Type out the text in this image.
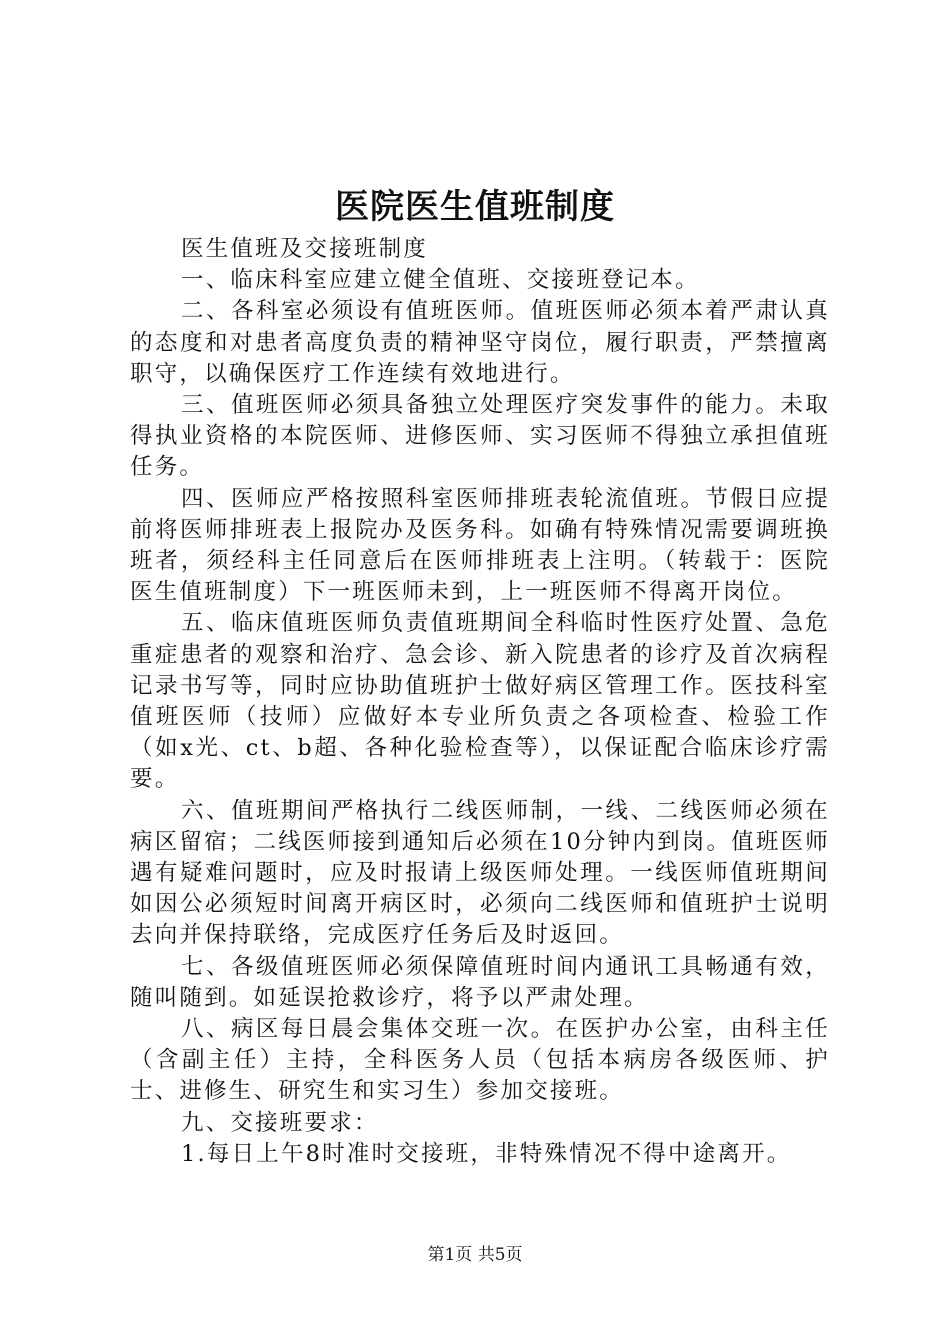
医院医生值班制度

医生值班及交接班制度

一、临床科室应建立健全值班、交接班登记本。

二、各科室必须设有值班医师。值班医师必须本着严肃认真的态度和对患者高度负责的精神坚守岗位，履行职责，严禁擅离职守，以确保医疗工作连续有效地进行。

三、值班医师必须具备独立处理医疗突发事件的能力。未取得执业资格的本院医师、进修医师、实习医师不得独立承担值班任务。

四、医师应严格按照科室医师排班表轮流值班。节假日应提前将医师排班表上报院办及医务科。如确有特殊情况需要调班换班者，须经科主任同意后在医师排班表上注明。（转载于：医院医生值班制度）下一班医师未到，上一班医师不得离开岗位。

五、临床值班医师负责值班期间全科临时性医疗处置、急危重症患者的观察和治疗、急会诊、新入院患者的诊疗及首次病程记录书写等，同时应协助值班护士做好病区管理工作。医技科室值班医师（技师）应做好本专业所负责之各项检查、检验工作（如x光、ct、b超、各种化验检查等），以保证配合临床诊疗需要。

六、值班期间严格执行二线医师制，一线、二线医师必须在病区留宿；二线医师接到通知后必须在10分钟内到岗。值班医师遇有疑难问题时，应及时报请上级医师处理。一线医师值班期间如因公必须短时间离开病区时，必须向二线医师和值班护士说明去向并保持联络，完成医疗任务后及时返回。

七、各级值班医师必须保障值班时间内通讯工具畅通有效，随叫随到。如延误抢救诊疗，将予以严肃处理。

八、病区每日晨会集体交班一次。在医护办公室，由科主任（含副主任）主持，全科医务人员（包括本病房各级医师、护士、进修生、研究生和实习生）参加交接班。

九、交接班要求：

1.每日上午8时准时交接班，非特殊情况不得中途离开。

第1页 共5页
